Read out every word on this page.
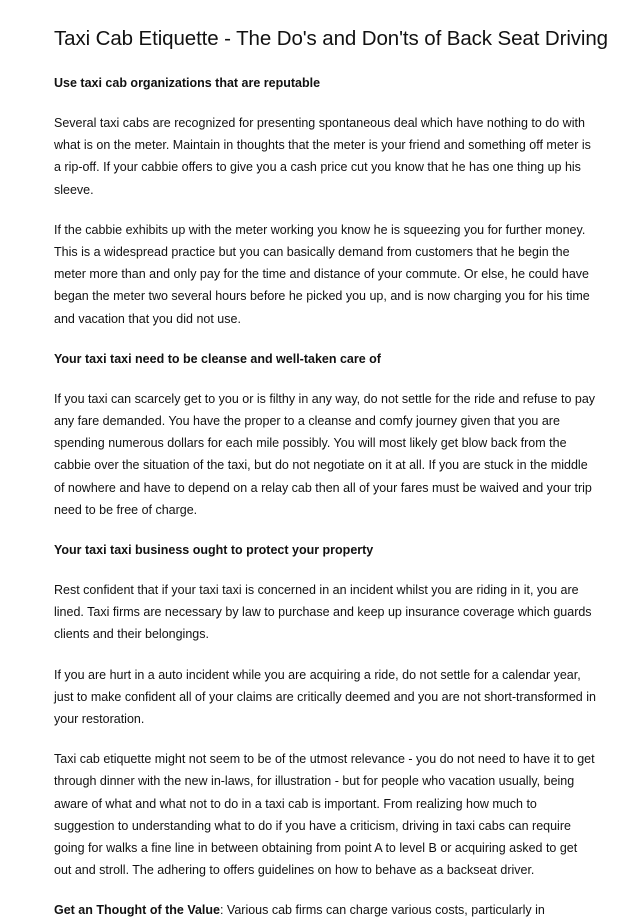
Taxi Cab Etiquette - The Do's and Don'ts of Back Seat Driving
Use taxi cab organizations that are reputable

Several taxi cabs are recognized for presenting spontaneous deal which have nothing to do with what is on the meter. Maintain in thoughts that the meter is your friend and something off meter is a rip-off. If your cabbie offers to give you a cash price cut you know that he has one thing up his sleeve.

If the cabbie exhibits up with the meter working you know he is squeezing you for further money. This is a widespread practice but you can basically demand from customers that he begin the meter more than and only pay for the time and distance of your commute. Or else, he could have began the meter two several hours before he picked you up, and is now charging you for his time and vacation that you did not use.

Your taxi taxi need to be cleanse and well-taken care of

If you taxi can scarcely get to you or is filthy in any way, do not settle for the ride and refuse to pay any fare demanded. You have the proper to a cleanse and comfy journey given that you are spending numerous dollars for each mile possibly. You will most likely get blow back from the cabbie over the situation of the taxi, but do not negotiate on it at all. If you are stuck in the middle of nowhere and have to depend on a relay cab then all of your fares must be waived and your trip need to be free of charge.

Your taxi taxi business ought to protect your property

Rest confident that if your taxi taxi is concerned in an incident whilst you are riding in it, you are lined. Taxi firms are necessary by law to purchase and keep up insurance coverage which guards clients and their belongings.

If you are hurt in a auto incident while you are acquiring a ride, do not settle for a calendar year, just to make confident all of your claims are critically deemed and you are not short-transformed in your restoration.

Taxi cab etiquette might not seem to be of the utmost relevance - you do not need to have it to get through dinner with the new in-laws, for illustration - but for people who vacation usually, being aware of what and what not to do in a taxi cab is important. From realizing how much to suggestion to understanding what to do if you have a criticism, driving in taxi cabs can require going for walks a fine line in between obtaining from point A to level B or acquiring asked to get out and stroll. The adhering to offers guidelines on how to behave as a backseat driver.

Get an Thought of the Value: Various cab firms can charge various costs, particularly in
